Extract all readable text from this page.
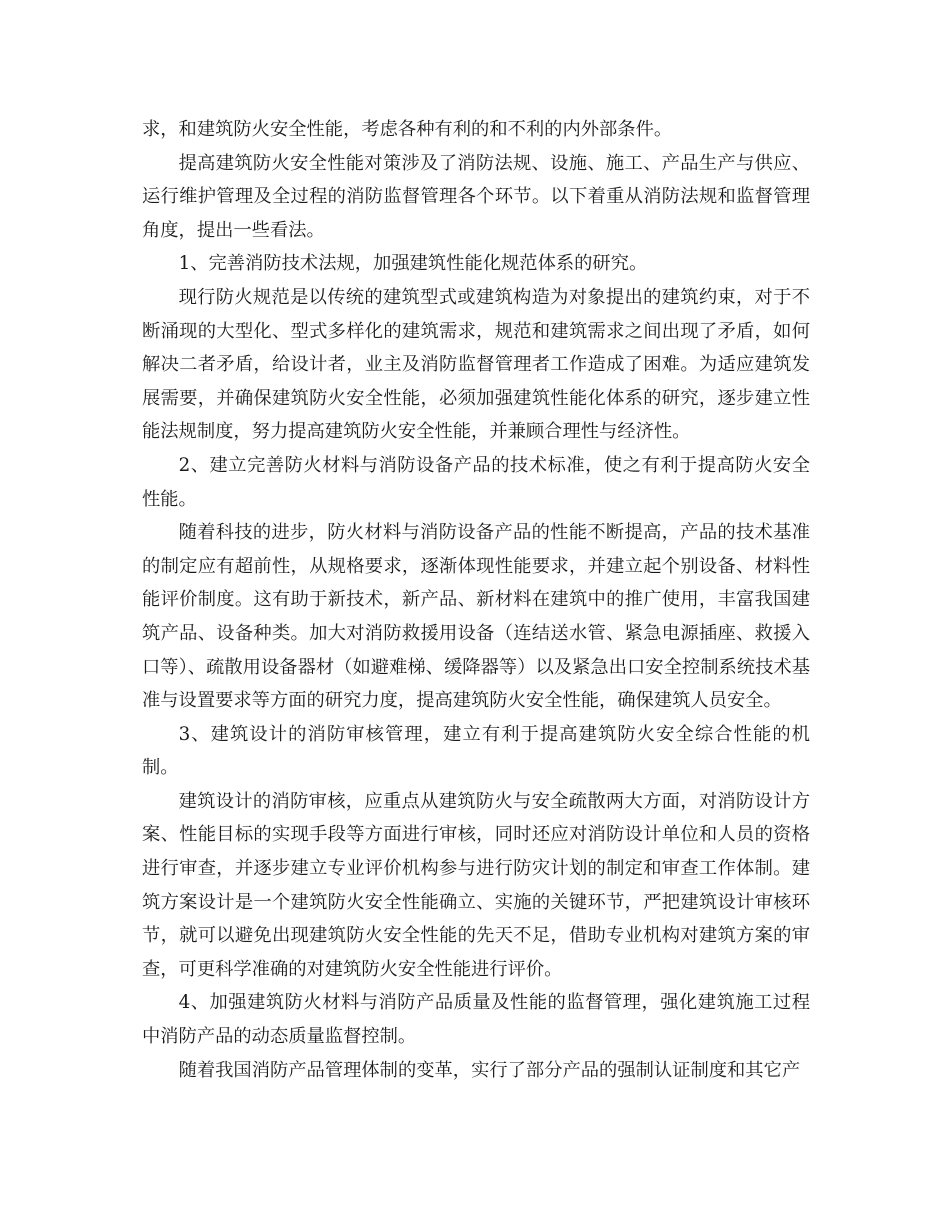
求，和建筑防火安全性能，考虑各种有利的和不利的内外部条件。

提高建筑防火安全性能对策涉及了消防法规、设施、施工、产品生产与供应、运行维护管理及全过程的消防监督管理各个环节。以下着重从消防法规和监督管理角度，提出一些看法。

1、完善消防技术法规，加强建筑性能化规范体系的研究。

现行防火规范是以传统的建筑型式或建筑构造为对象提出的建筑约束，对于不断涌现的大型化、型式多样化的建筑需求，规范和建筑需求之间出现了矛盾，如何解决二者矛盾，给设计者，业主及消防监督管理者工作造成了困难。为适应建筑发展需要，并确保建筑防火安全性能，必须加强建筑性能化体系的研究，逐步建立性能法规制度，努力提高建筑防火安全性能，并兼顾合理性与经济性。

2、建立完善防火材料与消防设备产品的技术标准，使之有利于提高防火安全性能。

随着科技的进步，防火材料与消防设备产品的性能不断提高，产品的技术基准的制定应有超前性，从规格要求，逐渐体现性能要求，并建立起个别设备、材料性能评价制度。这有助于新技术，新产品、新材料在建筑中的推广使用，丰富我国建筑产品、设备种类。加大对消防救援用设备（连结送水管、紧急电源插座、救援入口等）、疏散用设备器材（如避难梯、缓降器等）以及紧急出口安全控制系统技术基准与设置要求等方面的研究力度，提高建筑防火安全性能，确保建筑人员安全。

3、建筑设计的消防审核管理，建立有利于提高建筑防火安全综合性能的机制。

建筑设计的消防审核，应重点从建筑防火与安全疏散两大方面，对消防设计方案、性能目标的实现手段等方面进行审核，同时还应对消防设计单位和人员的资格进行审查，并逐步建立专业评价机构参与进行防灾计划的制定和审查工作体制。建筑方案设计是一个建筑防火安全性能确立、实施的关键环节，严把建筑设计审核环节，就可以避免出现建筑防火安全性能的先天不足，借助专业机构对建筑方案的审查，可更科学准确的对建筑防火安全性能进行评价。

4、加强建筑防火材料与消防产品质量及性能的监督管理，强化建筑施工过程中消防产品的动态质量监督控制。

随着我国消防产品管理体制的变革，实行了部分产品的强制认证制度和其它产
